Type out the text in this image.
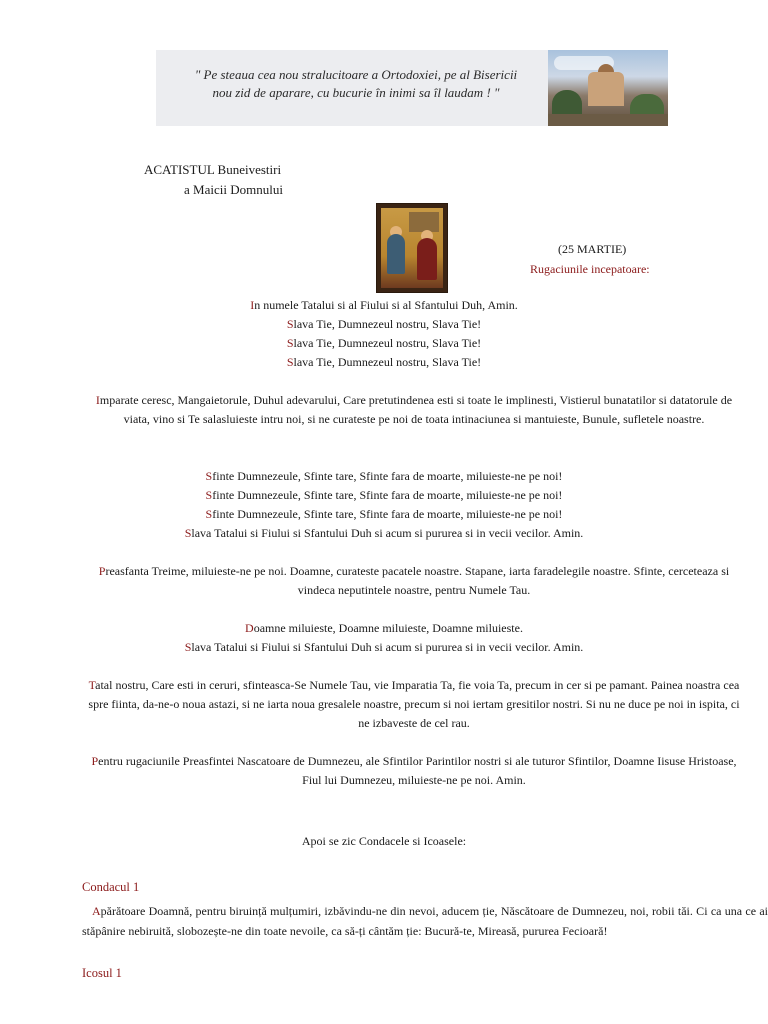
" Pe steaua cea nou stralucitoare a Ortodoxiei, pe al Bisericii
nou zid de aparare, cu bucurie în inimi sa îl laudam ! "
ACATISTUL Buneivestiri
a Maicii Domnului
(25 MARTIE)
Rugaciunile incepatoare:

In numele Tatalui si al Fiului si al Sfantului Duh, Amin.

Slava Tie, Dumnezeul nostru, Slava Tie!

Slava Tie, Dumnezeul nostru, Slava Tie!

Slava Tie, Dumnezeul nostru, Slava Tie!

Imparate ceresc, Mangaietorule, Duhul adevarului, Care pretutindenea esti si toate le implinesti, Vistierul bunatatilor si datatorule de viata, vino si Te salasluieste intru noi, si ne curateste pe noi de toata intinaciunea si mantuieste, Bunule, sufletele noastre.

Sfinte Dumnezeule, Sfinte tare, Sfinte fara de moarte, miluieste-ne pe noi!

Sfinte Dumnezeule, Sfinte tare, Sfinte fara de moarte, miluieste-ne pe noi!

Sfinte Dumnezeule, Sfinte tare, Sfinte fara de moarte, miluieste-ne pe noi!

Slava Tatalui si Fiului si Sfantului Duh si acum si pururea si in vecii vecilor. Amin.

Preasfanta Treime, miluieste-ne pe noi. Doamne, curateste pacatele noastre. Stapane, iarta faradelegile noastre. Sfinte, cerceteaza si vindeca neputintele noastre, pentru Numele Tau.

Doamne miluieste, Doamne miluieste, Doamne miluieste.

Slava Tatalui si Fiului si Sfantului Duh si acum si pururea si in vecii vecilor. Amin.

Tatal nostru, Care esti in ceruri, sfinteasca-Se Numele Tau, vie Imparatia Ta, fie voia Ta, precum in cer si pe pamant. Painea noastra cea spre fiinta, da-ne-o noua astazi, si ne iarta noua gresalele noastre, precum si noi iertam gresitilor nostri. Si nu ne duce pe noi in ispita, ci ne izbaveste de cel rau.

Pentru rugaciunile Preasfintei Nascatoare de Dumnezeu, ale Sfintilor Parintilor nostri si ale tuturor Sfintilor, Doamne Iisuse Hristoase, Fiul lui Dumnezeu, miluieste-ne pe noi. Amin.

Apoi se zic Condacele si Icoasele:

Condacul 1

Apărătoare Doamnă, pentru biruință mulțumiri, izbăvindu-ne din nevoi, aducem ție, Născătoare de Dumnezeu, noi, robii tăi. Ci ca una ce ai stăpânire nebiruită, slobozește-ne din toate nevoile, ca să-ți cântăm ție: Bucură-te, Mireasă, pururea Fecioară!

Icosul 1
